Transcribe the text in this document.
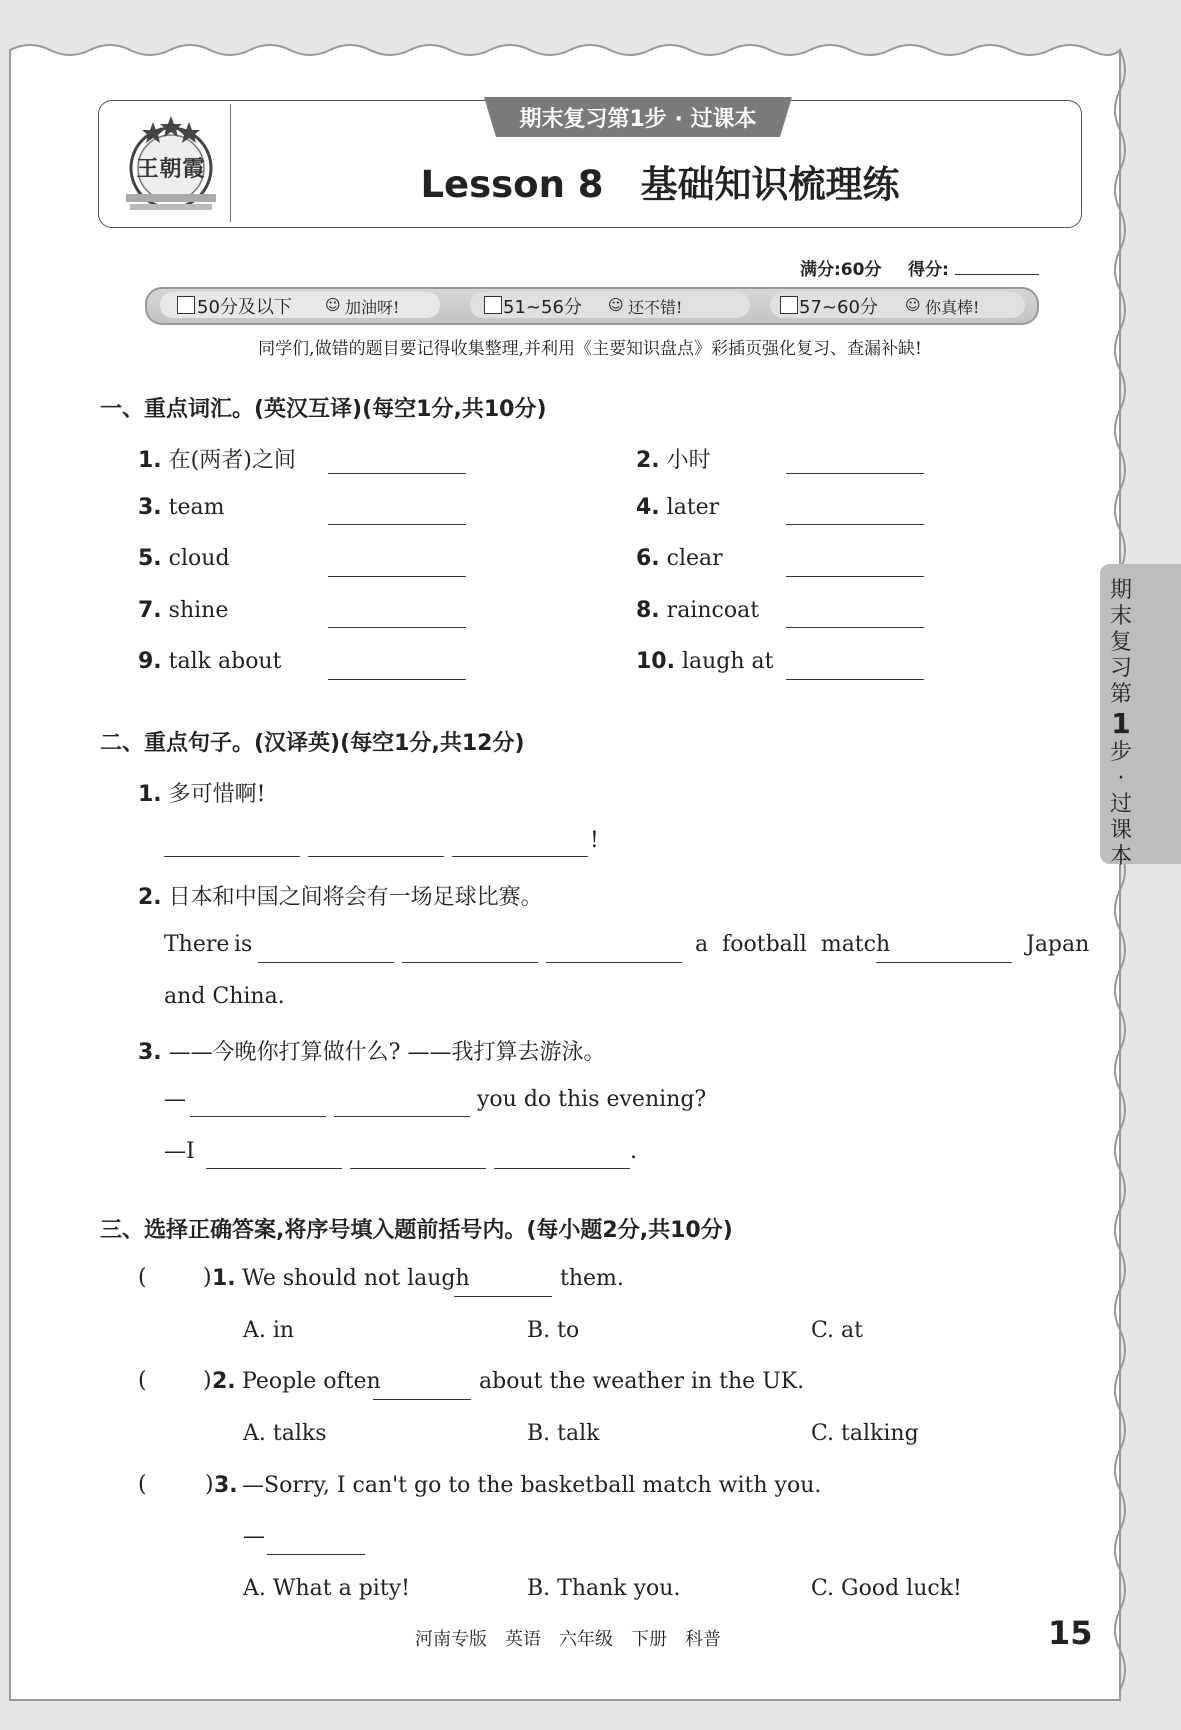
王朝霞
期末复习第1步 · 过课本
Lesson 8　基础知识梳理练
满分:60分 得分:
50分及以下 ☺ 加油呀!	51~56分 ☺ 还不错!	57~60分 ☺ 你真棒!
同学们,做错的题目要记得收集整理,并利用《主要知识盘点》彩插页强化复习、查漏补缺!
一、重点词汇。(英汉互译)(每空1分,共10分)
1. 在(两者)之间	2. 小时
3. team	4. later
5. cloud	6. clear
7. shine	8. raincoat
9. talk about	10. laugh at
二、重点句子。(汉译英)(每空1分,共12分)
1. 多可惜啊!
!
2. 日本和中国之间将会有一场足球比赛。
There is	a  football  match	Japan
and China.
3. ——今晚你打算做什么? ——我打算去游泳。
—	you do this evening?
—I	.
三、选择正确答案,将序号填入题前括号内。(每小题2分,共10分)
(	) 1. We should not laugh	them.
A. in	B. to	C. at
(	) 2. People often	about the weather in the UK.
A. talks	B. talk	C. talking
(	) 3. —Sorry, I can't go to the basketball match with you.
—
A. What a pity!	B. Thank you.	C. Good luck!
期
末
复
习
第
1
步
·
过
课
本
河南专版　英语　六年级　下册　科普	15
